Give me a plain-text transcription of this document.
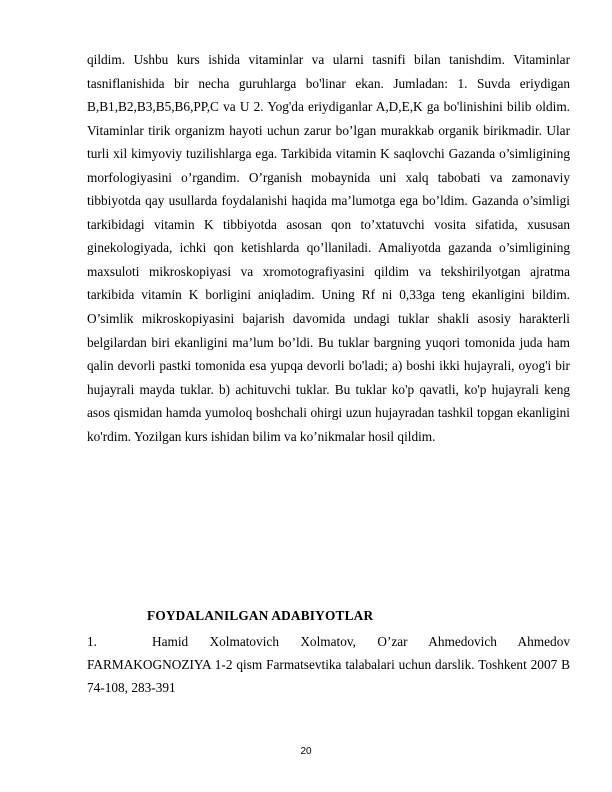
qildim. Ushbu kurs ishida vitaminlar va ularni tasnifi bilan tanishdim. Vitaminlar tasniflanishida bir necha guruhlarga bo'linar ekan. Jumladan: 1. Suvda eriydigan B,B1,B2,B3,B5,B6,PP,C va U 2. Yog'da eriydiganlar A,D,E,K ga bo'linishini bilib oldim. Vitaminlar tirik organizm hayoti uchun zarur bo’lgan murakkab organik birikmadir. Ular turli xil kimyoviy tuzilishlarga ega. Tarkibida vitamin K saqlovchi Gazanda o’simligining morfologiyasini o’rgandim. O’rganish mobaynida uni xalq tabobati va zamonaviy tibbiyotda qay usullarda foydalanishi haqida ma’lumotga ega bo’ldim. Gazanda o’simligi tarkibidagi vitamin K tibbiyotda asosan qon to’xtatuvchi vosita sifatida, xususan ginekologiyada, ichki qon ketishlarda qo’llaniladi. Amaliyotda gazanda o’simligining maxsuloti mikroskopiyasi va xromotografiyasini qildim va tekshirilyotgan ajratma tarkibida vitamin K borligini aniqladim. Uning Rf ni 0,33ga teng ekanligini bildim. O’simlik mikroskopiyasini bajarish davomida undagi tuklar shakli asosiy harakterli belgilardan biri ekanligini ma’lum bo’ldi. Bu tuklar bargning yuqori tomonida juda ham qalin devorli pastki tomonida esa yupqa devorli bo'ladi; a) boshi ikki hujayrali, oyog'i bir hujayrali mayda tuklar. b) achituvchi tuklar. Bu tuklar ko'p qavatli, ko'p hujayrali keng asos qismidan hamda yumoloq boshchali ohirgi uzun hujayradan tashkil topgan ekanligini ko'rdim. Yozilgan kurs ishidan bilim va ko’nikmalar hosil qildim.

FOYDALANILGAN ADABIYOTLAR

1.	Hamid Xolmatovich Xolmatov, O’zar Ahmedovich Ahmedov FARMAKOGNOZIYA 1-2 qism Farmatsevtika talabalari uchun darslik. Toshkent 2007 B 74-108, 283-391

20
